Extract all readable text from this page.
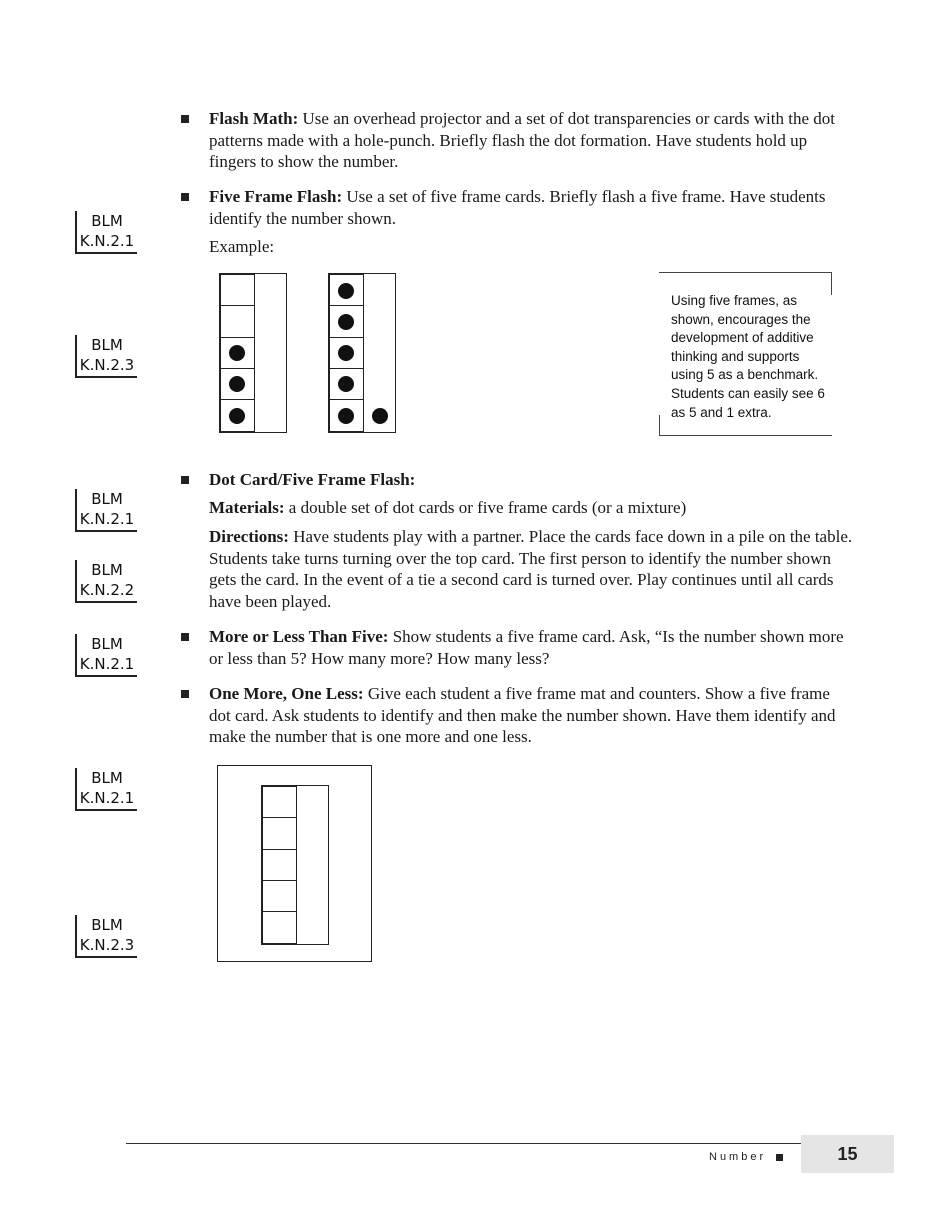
BLM
K.N.2.1
BLM
K.N.2.3
BLM
K.N.2.1
BLM
K.N.2.2
BLM
K.N.2.1
BLM
K.N.2.1
BLM
K.N.2.3
Flash Math: Use an overhead projector and a set of dot transparencies or cards with the dot patterns made with a hole-punch. Briefly flash the dot formation. Have students hold up fingers to show the number.
Five Frame Flash: Use a set of five frame cards. Briefly flash a five frame. Have students identify the number shown.
Example:
Using five frames, as shown, encourages the development of additive thinking and supports using 5 as a benchmark. Students can easily see 6 as 5 and 1 extra.
Dot Card/Five Frame Flash:
Materials: a double set of dot cards or five frame cards (or a mixture)
Directions: Have students play with a partner. Place the cards face down in a pile on the table. Students take turns turning over the top card. The first person to identify the number shown gets the card. In the event of a tie a second card is turned over. Play continues until all cards have been played.
More or Less Than Five: Show students a five frame card. Ask, “Is the number shown more or less than 5? How many more? How many less?
One More, One Less: Give each student a five frame mat and counters. Show a five frame dot card. Ask students to identify and then make the number shown. Have them identify and make the number that is one more and one less.
Number	15
